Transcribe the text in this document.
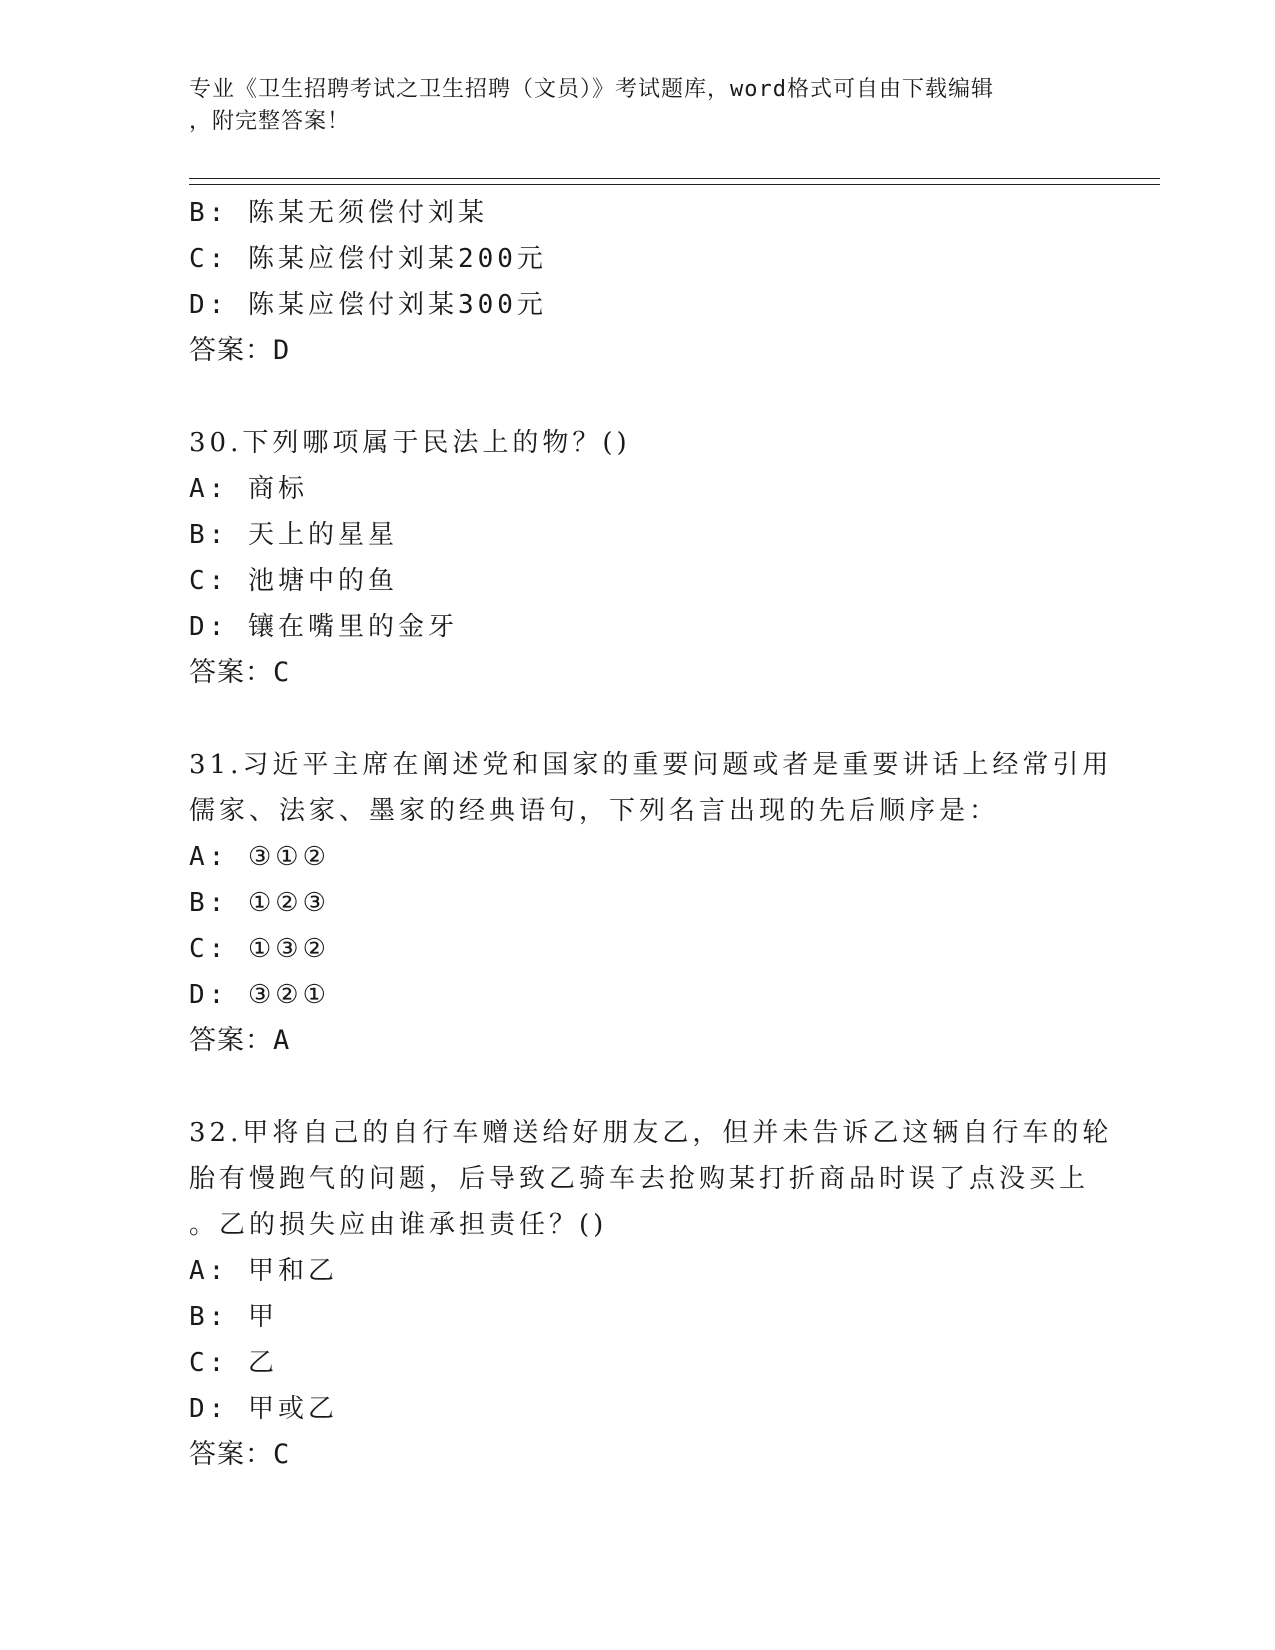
专业《卫生招聘考试之卫生招聘（文员）》考试题库，word格式可自由下载编辑
，附完整答案！
B: 陈某无须偿付刘某
C: 陈某应偿付刘某200元
D: 陈某应偿付刘某300元
答案：D
30.下列哪项属于民法上的物？()
A: 商标
B: 天上的星星
C: 池塘中的鱼
D: 镶在嘴里的金牙
答案：C
31.习近平主席在阐述党和国家的重要问题或者是重要讲话上经常引用
儒家、法家、墨家的经典语句，下列名言出现的先后顺序是：
A: ③①②
B: ①②③
C: ①③②
D: ③②①
答案：A
32.甲将自己的自行车赠送给好朋友乙，但并未告诉乙这辆自行车的轮
胎有慢跑气的问题，后导致乙骑车去抢购某打折商品时误了点没买上
。乙的损失应由谁承担责任？()
A: 甲和乙
B: 甲
C: 乙
D: 甲或乙
答案：C
